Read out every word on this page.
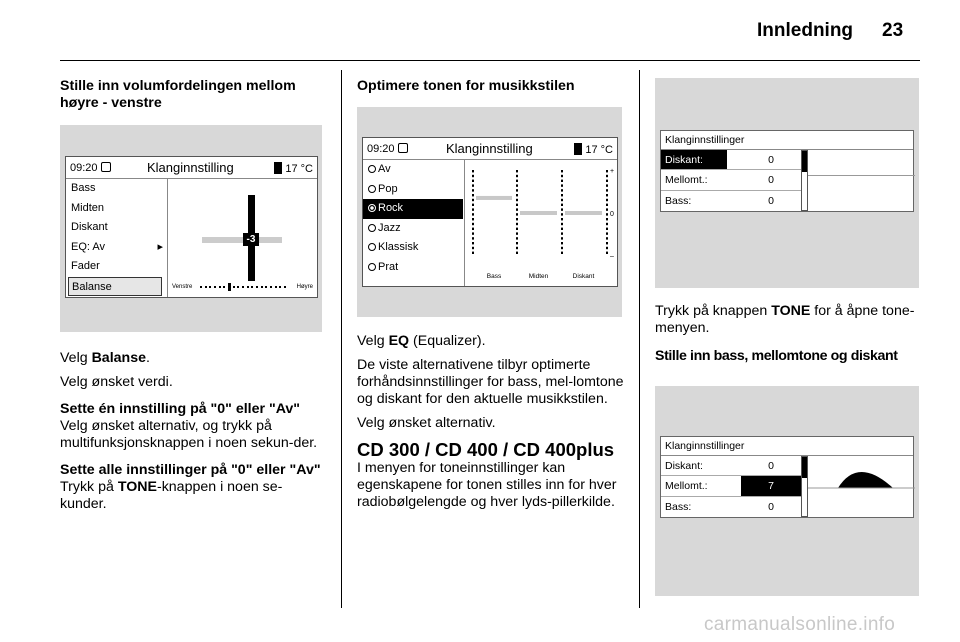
Innledning 23
Stille inn volumfordelingen mellom høyre - venstre
09:20	Klanginnstilling	17 °C
Bass
Midten
Diskant
EQ: Av	▸
Fader
Balanse
-3
Venstre	Høyre

Velg Balanse.

Velg ønsket verdi.

Sette én innstilling på "0" eller "Av"

Velg ønsket alternativ, og trykk på multifunksjonsknappen i noen sekun-der.

Sette alle innstillinger på "0" eller "Av"

Trykk på TONE-knappen i noen se-kunder.

Optimere tonen for musikkstilen
09:20	Klanginnstilling	17 °C
Av
Pop
Rock
Jazz
Klassisk
Prat
Bass	Midten	Diskant
+
0
–

Velg EQ (Equalizer).

De viste alternativene tilbyr optimerte forhåndsinnstillinger for bass, mel-lomtone og diskant for den aktuelle musikkstilen.

Velg ønsket alternativ.

CD 300 / CD 400 / CD 400plus

I menyen for toneinnstillinger kan egenskapene for tonen stilles inn for hver radiobølgelengde og hver lyds-pillerkilde.

Klanginnstillinger
Diskant:	0
Mellomt.:	0
Bass:	0

Trykk på knappen TONE for å åpne tone-menyen.

Stille inn bass, mellomtone og diskant
Klanginnstillinger
Diskant:	0
Mellomt.:	7
Bass:	0
carmanualsonline.info
